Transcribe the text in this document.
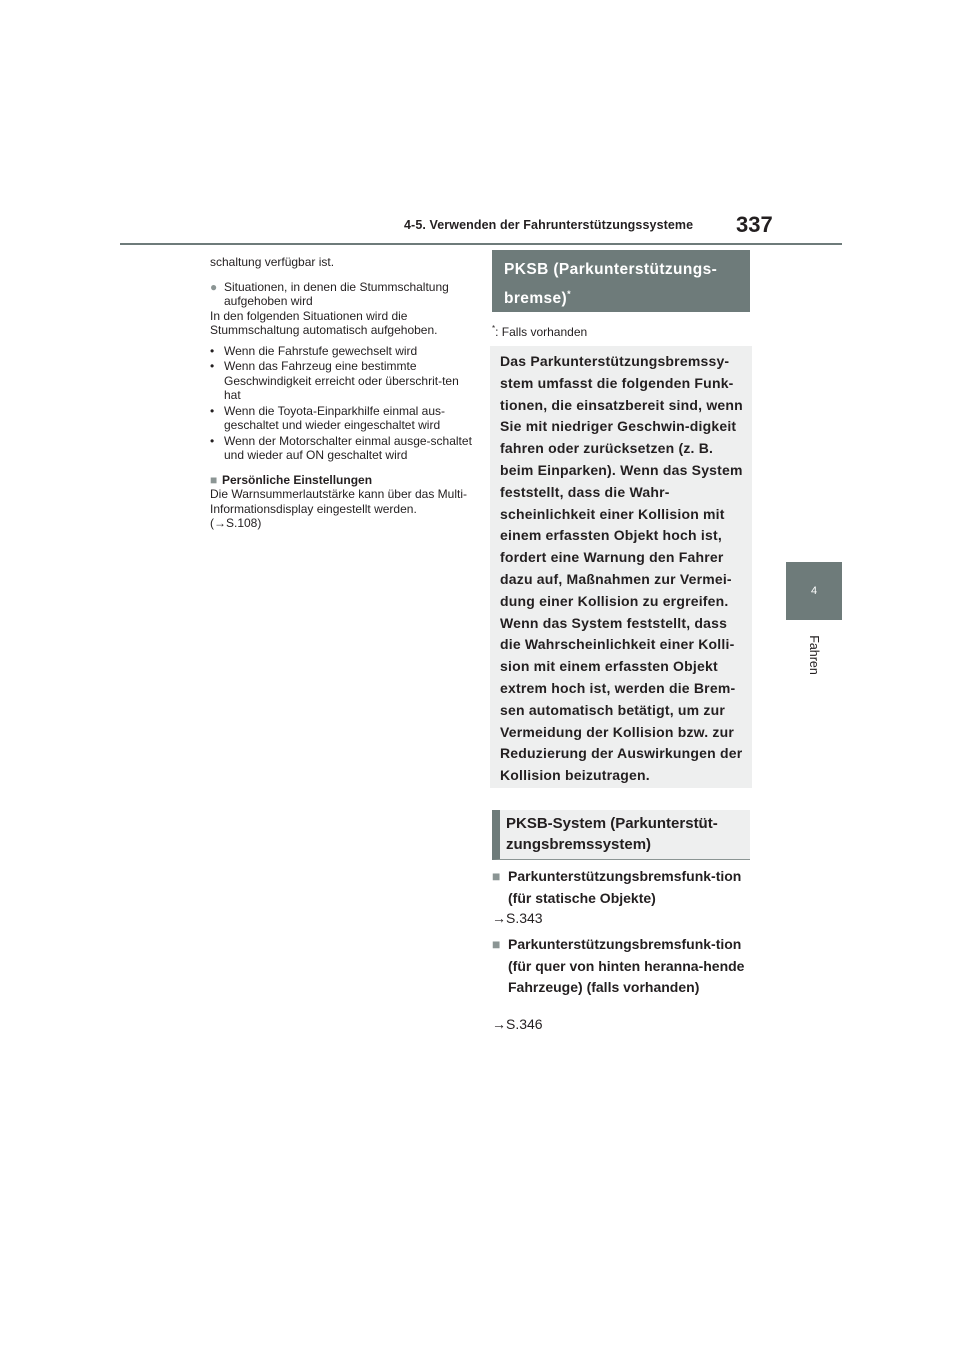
4-5. Verwenden der Fahrunterstützungssysteme 337
4
Fahren

schaltung verfügbar ist.

● Situationen, in denen die Stummschaltung aufgehoben wird

In den folgenden Situationen wird die

Stummschaltung automatisch aufgehoben.

• Wenn die Fahrstufe gewechselt wird
• Wenn das Fahrzeug eine bestimmte Geschwindigkeit erreicht oder überschrit-ten hat
• Wenn die Toyota-Einparkhilfe einmal aus-geschaltet und wieder eingeschaltet wird
• Wenn der Motorschalter einmal ausge-schaltet und wieder auf ON geschaltet wird
■ Persönliche Einstellungen

Die Warnsummerlautstärke kann über das Multi-Informationsdisplay eingestellt werden.
(→S.108)

PKSB (Parkunterstützungs-
bremse)*
*: Falls vorhanden
Das Parkunterstützungsbremssy-stem umfasst die folgenden Funk-tionen, die einsatzbereit sind, wenn Sie mit niedriger Geschwin-digkeit fahren oder zurücksetzen (z. B. beim Einparken). Wenn das System feststellt, dass die Wahr-scheinlichkeit einer Kollision mit einem erfassten Objekt hoch ist, fordert eine Warnung den Fahrer dazu auf, Maßnahmen zur Vermei-dung einer Kollision zu ergreifen. Wenn das System feststellt, dass die Wahrscheinlichkeit einer Kolli-sion mit einem erfassten Objekt extrem hoch ist, werden die Brem-sen automatisch betätigt, um zur Vermeidung der Kollision bzw. zur Reduzierung der Auswirkungen der Kollision beizutragen.
PKSB-System (Parkunterstüt-zungsbremssystem)
■ Parkunterstützungsbremsfunk-tion (für statische Objekte)
→S.343
■ Parkunterstützungsbremsfunk-tion (für quer von hinten heranna-hende Fahrzeuge) (falls vorhanden)
→S.346
